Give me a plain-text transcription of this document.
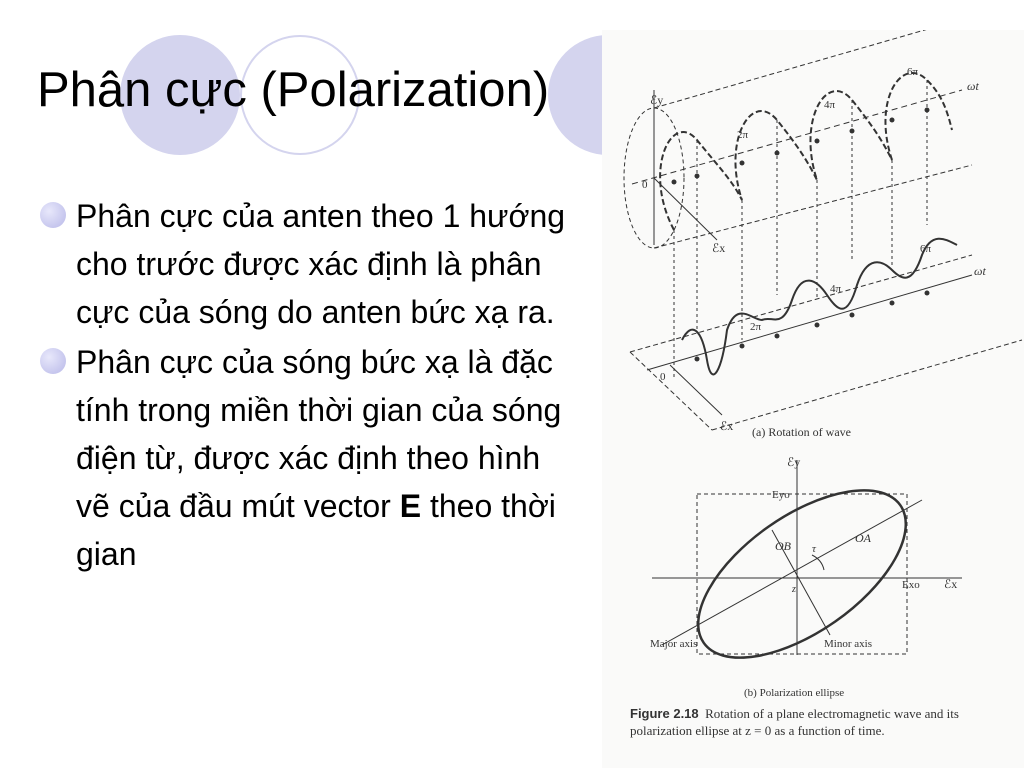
Phân cực (Polarization)
Phân cực của anten theo 1 hướng cho trước được xác định là phân cực của sóng do anten bức xạ ra.
Phân cực của sóng bức xạ là đặc tính trong miền thời gian của sóng điện từ, được xác định theo hình vẽ của đầu mút vector E theo thời gian
ℰy
ℰx
ωt
0
2π
4π
6π
0
ℰx
ωt
2π
4π
6π
(a) Rotation of wave
ℰy
ℰx
Eyo
Exo
OA
OB τ
z
Major axis	Minor axis
(b) Polarization ellipse
Figure 2.18 Rotation of a plane electromagnetic wave and its polarization ellipse at z = 0 as a function of time.
